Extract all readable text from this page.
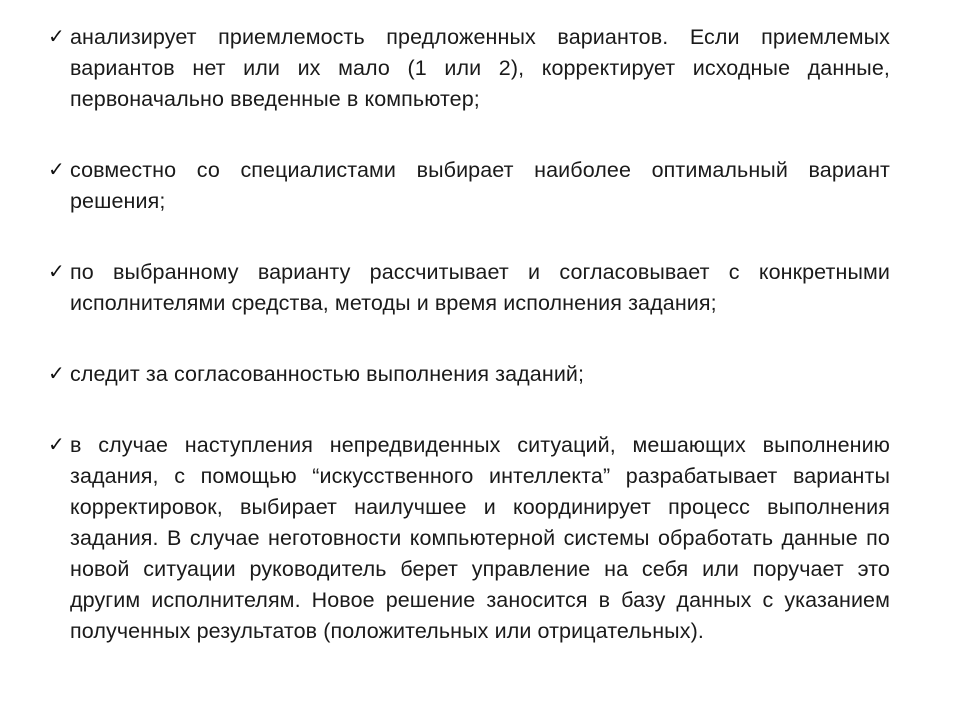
✓ анализирует приемлемость предложенных вариантов. Если приемлемых вариантов нет или их мало (1 или 2), корректирует исходные данные, первоначально введенные в компьютер;
✓ совместно со специалистами выбирает наиболее оптимальный вариант решения;
✓ по выбранному варианту рассчитывает и согласовывает с конкретными исполнителями средства, методы и время исполнения задания;
✓ следит за согласованностью выполнения заданий;
✓ в случае наступления непредвиденных ситуаций, мешающих выполнению задания, с помощью “искусственного интеллекта” разрабатывает варианты корректировок, выбирает наилучшее и координирует процесс выполнения задания. В случае неготовности компьютерной системы обработать данные по новой ситуации руководитель берет управление на себя или поручает это другим исполнителям. Новое решение заносится в базу данных с указанием полученных результатов (положительных или отрицательных).
